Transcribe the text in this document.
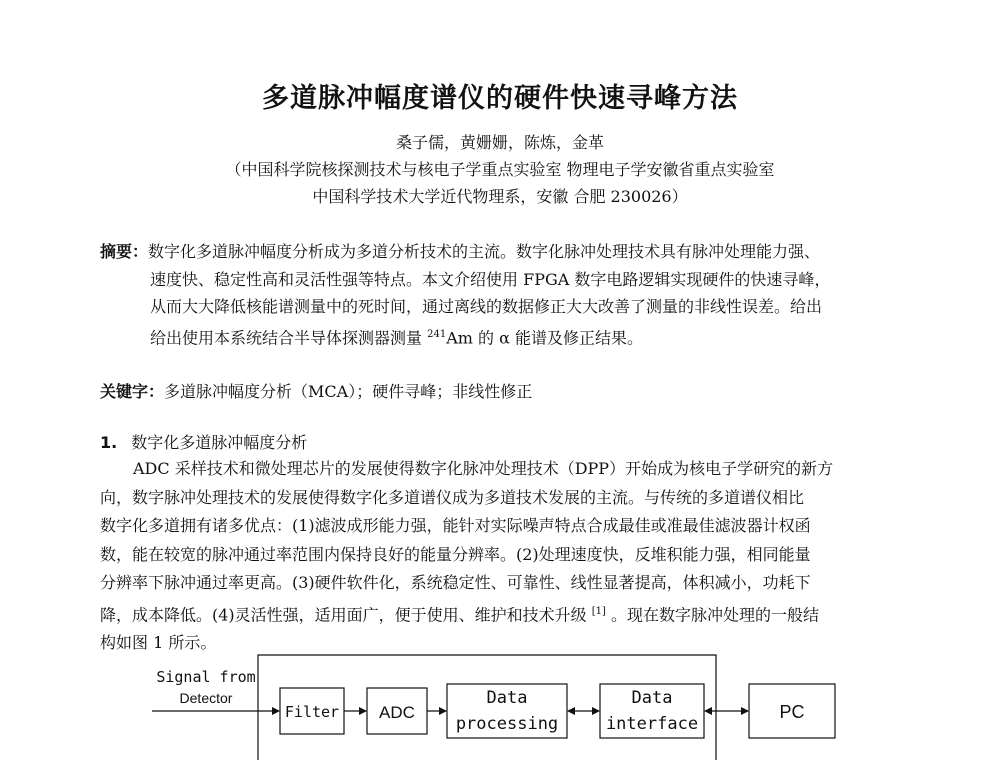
多道脉冲幅度谱仪的硬件快速寻峰方法
桑子儒，黄姗姗，陈炼，金革
（中国科学院核探测技术与核电子学重点实验室 物理电子学安徽省重点实验室
中国科学技术大学近代物理系，安徽 合肥 230026）
摘要：数字化多道脉冲幅度分析成为多道分析技术的主流。数字化脉冲处理技术具有脉冲处理能力强、
速度快、稳定性高和灵活性强等特点。本文介绍使用 FPGA 数字电路逻辑实现硬件的快速寻峰，
从而大大降低核能谱测量中的死时间，通过离线的数据修正大大改善了测量的非线性误差。给出
给出使用本系统结合半导体探测器测量 $^{241}$Am 的 α 能谱及修正结果。
关键字：多道脉冲幅度分析（MCA）；硬件寻峰；非线性修正
1. 数字化多道脉冲幅度分析
ADC 采样技术和微处理芯片的发展使得数字化脉冲处理技术（DPP）开始成为核电子学研究的新方
向，数字脉冲处理技术的发展使得数字化多道谱仪成为多道技术发展的主流。与传统的多道谱仪相比
数字化多道拥有诸多优点：(1)滤波成形能力强，能针对实际噪声特点合成最佳或准最佳滤波器计权函
数，能在较宽的脉冲通过率范围内保持良好的能量分辨率。(2)处理速度快，反堆积能力强，相同能量
分辨率下脉冲通过率更高。(3)硬件软件化，系统稳定性、可靠性、线性显著提高，体积减小，功耗下
降，成本降低。(4)灵活性强，适用面广，便于使用、维护和技术升级 [1] 。现在数字脉冲处理的一般结
构如图 1 所示。
Signal from
Detector
Filter ADC
Data
processing
Data
interface
PC
